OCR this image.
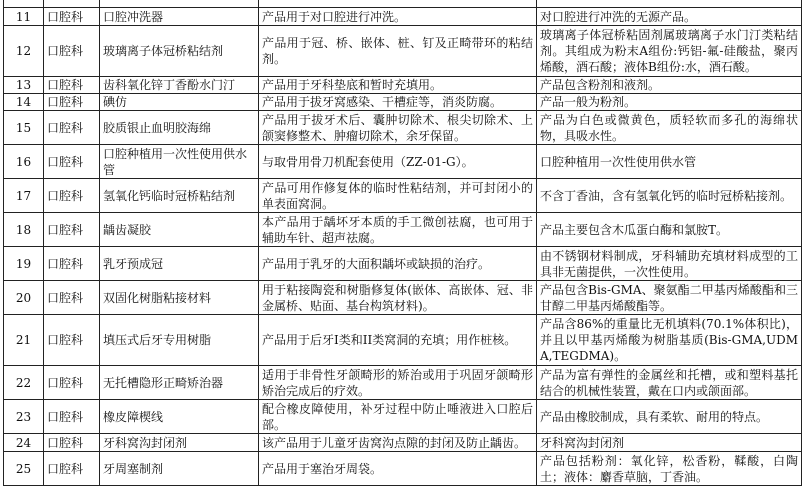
11	口腔科	口腔冲洗器	产品用于对口腔进行冲洗。	对口腔进行冲洗的无源产品。
12	口腔科	玻璃离子体冠桥粘结剂	产品用于冠、桥、嵌体、桩、钉及正畸带环的粘结剂。	玻璃离子体冠桥粘固剂属玻璃离子水门汀类粘结剂。其组成为粉末A组份:钙铝-氟-硅酸盐，聚丙烯酸，酒石酸；液体B组份:水，酒石酸。
13	口腔科	齿科氧化锌丁香酚水门汀	产品用于牙科垫底和暂时充填用。	产品包含粉剂和液剂。
14	口腔科	碘仿	产品用于拔牙窝感染、干槽症等，消炎防腐。	产品一般为粉剂。
15	口腔科	胶质银止血明胶海绵	产品用于拔牙术后、囊肿切除术、根尖切除术、上颌窦修整术、肿瘤切除术，余牙保留。	产品为白色或微黄色，质轻软而多孔的海绵状物，具吸水性。
16	口腔科	口腔种植用一次性使用供水管	与取骨用骨刀机配套使用（ZZ-01-G）。	口腔种植用一次性使用供水管
17	口腔科	氢氧化钙临时冠桥粘结剂	产品可用作修复体的临时性粘结剂，并可封闭小的单表面窝洞。	不含丁香油，含有氢氧化钙的临时冠桥粘接剂。
18	口腔科	龋齿凝胶	本产品用于龋坏牙本质的手工微创祛腐，也可用于辅助车针、超声祛腐。	产品主要包含木瓜蛋白酶和氯胺T。
19	口腔科	乳牙预成冠	产品用于乳牙的大面积龋坏或缺损的治疗。	由不锈钢材料制成，牙科辅助充填材料成型的工具非无菌提供，一次性使用。
20	口腔科	双固化树脂粘接材料	用于粘接陶瓷和树脂修复体(嵌体、高嵌体、冠、非金属桥、贴面、基台构筑材料)。	产品包含Bis-GMA、聚氨酯二甲基丙烯酸酯和三甘醇二甲基丙烯酸酯等。
21	口腔科	填压式后牙专用树脂	产品用于后牙I类和II类窝洞的充填；用作桩核。	产品含86%的重量比无机填料(70.1%体积比)，并且以甲基丙烯酸为树脂基质(Bis-GMA,UDMA,TEGDMA)。
22	口腔科	无托槽隐形正畸矫治器	适用于非骨性牙颌畸形的矫治或用于巩固牙颌畸形矫治完成后的疗效。	产品为富有弹性的金属丝和托槽，或和塑料基托结合的机械性装置，戴在口内或颌面部。
23	口腔科	橡皮障楔线	配合橡皮障使用，补牙过程中防止唾液进入口腔后部。	产品由橡胶制成，具有柔软、耐用的特点。
24	口腔科	牙科窝沟封闭剂	该产品用于儿童牙齿窝沟点隙的封闭及防止龋齿。	牙科窝沟封闭剂
25	口腔科	牙周塞制剂	产品用于塞治牙周袋。	产品包括粉剂：氧化锌，松香粉，鞣酸，白陶土；液体：麝香草脑，丁香油。
